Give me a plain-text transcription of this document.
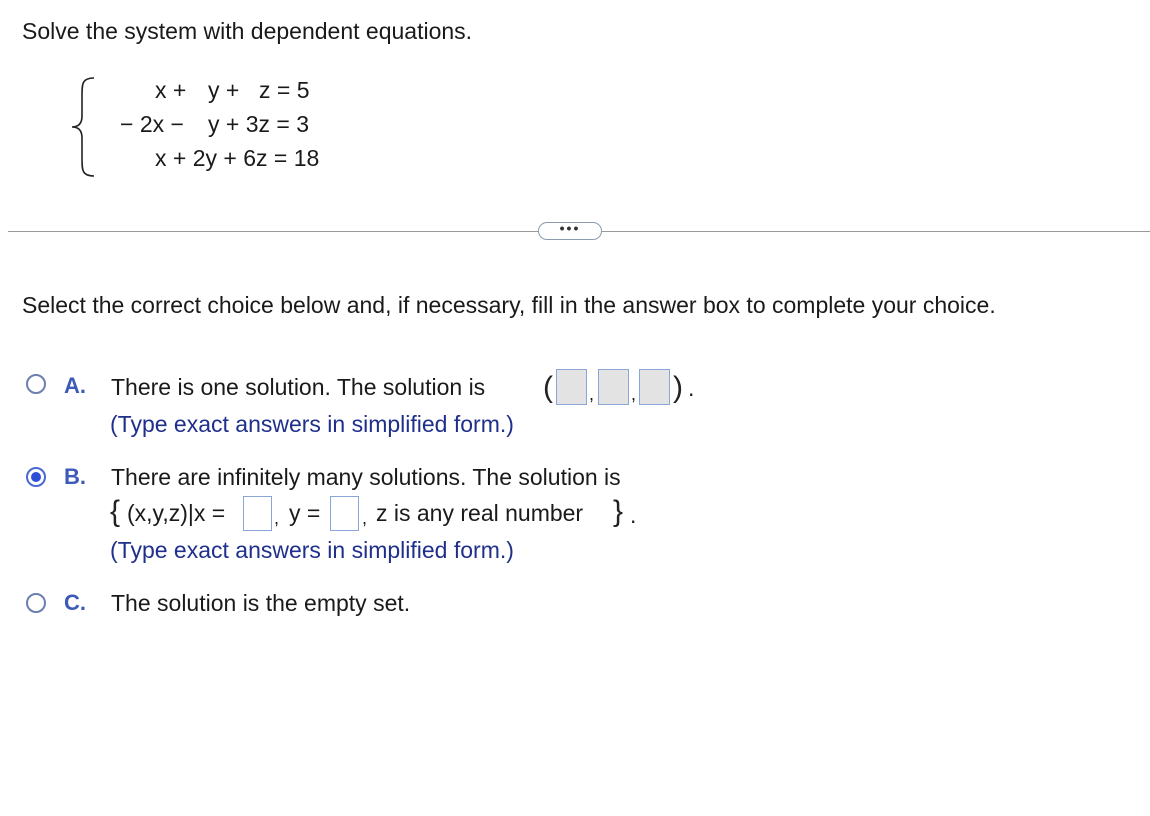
Solve the system with dependent equations.
x + y + z = 5
− 2x − y + 3z = 3
x + 2y + 6z = 18
•••
Select the correct choice below and, if necessary, fill in the answer box to complete your choice.
A. There is one solution. The solution is ( , , ) .
(Type exact answers in simplified form.)
B. There are infinitely many solutions. The solution is
{ (x,y,z)|x =	, y = , z is any real number } .
(Type exact answers in simplified form.)
C. The solution is the empty set.
